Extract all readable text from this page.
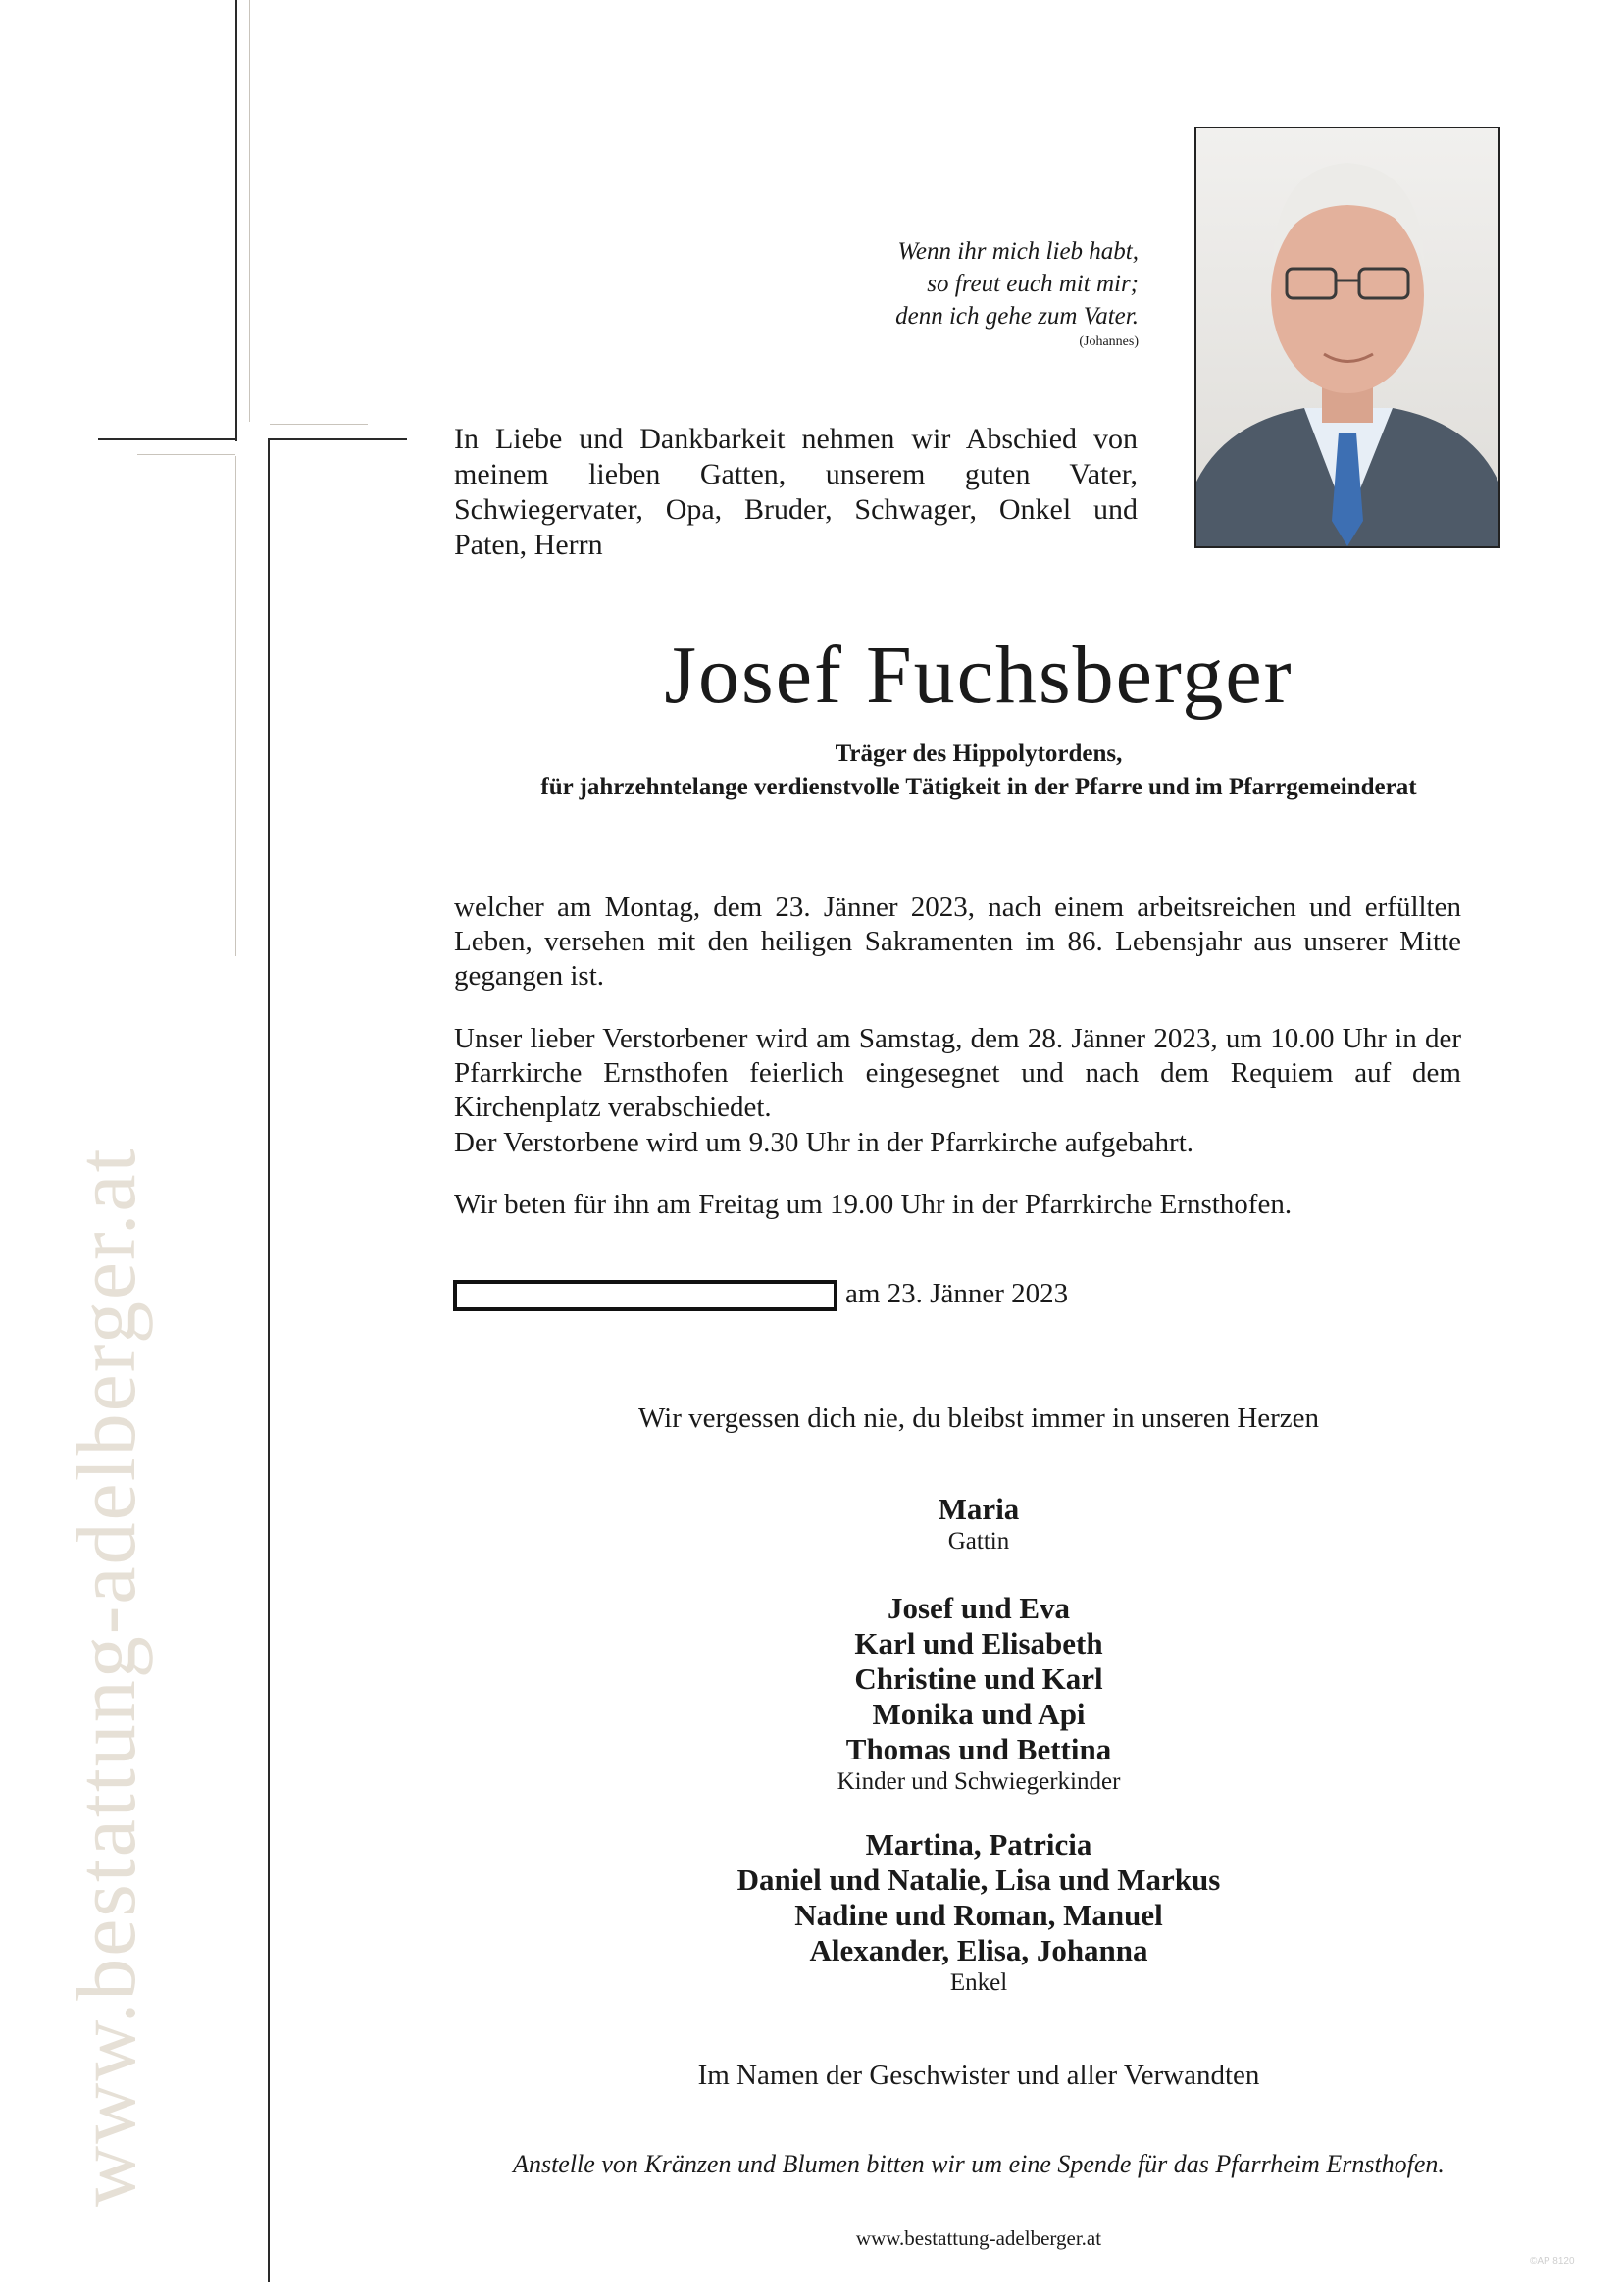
www.bestattung-adelberger.at
Wenn ihr mich lieb habt,
so freut euch mit mir;
denn ich gehe zum Vater.
(Johannes)
In Liebe und Dankbarkeit nehmen wir Abschied von meinem lieben Gatten, unserem guten Vater, Schwiegervater, Opa, Bruder, Schwager, Onkel und Paten, Herrn
Josef Fuchsberger
Träger des Hippolytordens,
für jahrzehntelange verdienstvolle Tätigkeit in der Pfarre und im Pfarrgemeinderat
welcher am Montag, dem 23. Jänner 2023, nach einem arbeitsreichen und erfüllten Leben, versehen mit den heiligen Sakramenten im 86. Lebensjahr aus unserer Mitte gegangen ist.
Unser lieber Verstorbener wird am Samstag, dem 28. Jänner 2023, um 10.00 Uhr in der Pfarrkirche Ernsthofen feierlich eingesegnet und nach dem Requiem auf dem Kirchenplatz verabschiedet.
Der Verstorbene wird um 9.30 Uhr in der Pfarrkirche aufgebahrt.
Wir beten für ihn am Freitag um 19.00 Uhr in der Pfarrkirche Ernsthofen.
am 23. Jänner 2023
Wir vergessen dich nie, du bleibst immer in unseren Herzen
Maria
Gattin
Josef und Eva
Karl und Elisabeth
Christine und Karl
Monika und Api
Thomas und Bettina
Kinder und Schwiegerkinder
Martina, Patricia
Daniel und Natalie, Lisa und Markus
Nadine und Roman, Manuel
Alexander, Elisa, Johanna
Enkel
Im Namen der Geschwister und aller Verwandten
Anstelle von Kränzen und Blumen bitten wir um eine Spende für das Pfarrheim Ernsthofen.
www.bestattung-adelberger.at
©AP 8120
